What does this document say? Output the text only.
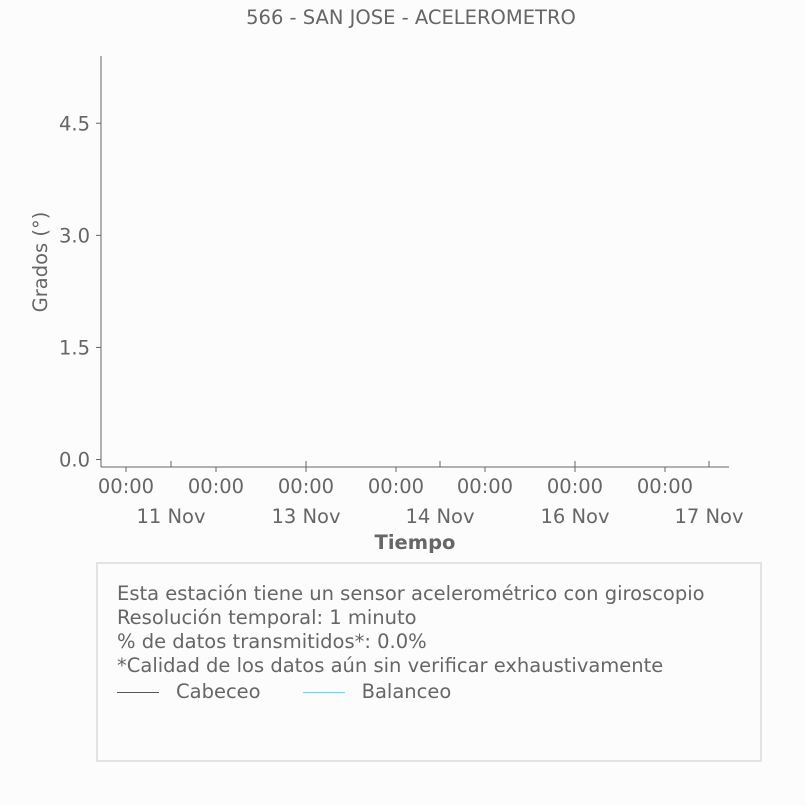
566 - SAN JOSE - ACELEROMETRO
0.0
1.5
3.0
4.5
00:00 00:00 00:00 00:00 00:00 00:00 00:00
11 Nov	13 Nov	14 Nov	16 Nov	17 Nov
Grados (°)
Tiempo
Esta estación tiene un sensor acelerométrico con giroscopio
Resolución temporal: 1 minuto
% de datos transmitidos*: 0.0%
*Calidad de los datos aún sin verificar exhaustivamente
Cabeceo	Balanceo
